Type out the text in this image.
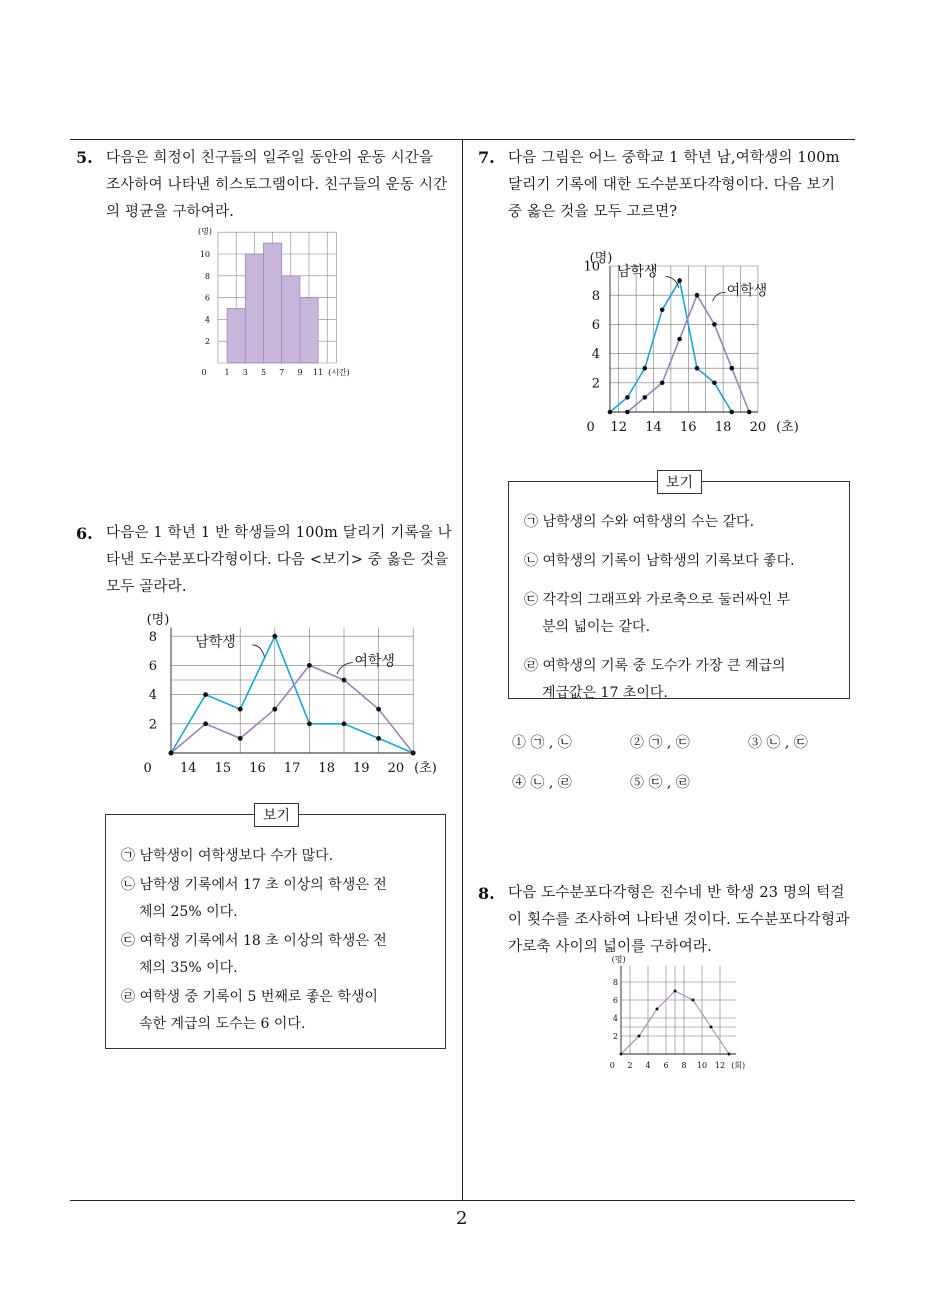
5. 다음은 희정이 친구들의 일주일 동안의 운동 시간을
조사하여 나타낸 히스토그램이다. 친구들의 운동 시간
의 평균을 구하여라.
2
4
6
8
10
1 3 5 7 9 11
0
(명)
(시간)
6. 다음은 1 학년 1 반 학생들의 100m 달리기 기록을 나
타낸 도수분포다각형이다. 다음 <보기> 중 옳은 것을
모두 골라라.
2
4
6
8
14 15 16 17 18 19 20
0
(명)
(초)
남학생
여학생
보기
㉠ 남학생이 여학생보다 수가 많다.
㉡ 남학생 기록에서 17 초 이상의 학생은 전
체의 25% 이다.
㉢ 여학생 기록에서 18 초 이상의 학생은 전
체의 35% 이다.
㉣ 여학생 중 기록이 5 번째로 좋은 학생이
속한 계급의 도수는 6 이다.
7. 다음 그림은 어느 중학교 1 학년 남,여학생의 100m
달리기 기록에 대한 도수분포다각형이다. 다음 보기
중 옳은 것을 모두 고르면?
2
4
6
8
10
12 14 16 18 20
0
(명)
(초)
남학생
여학생
보기
㉠ 남학생의 수와 여학생의 수는 같다.
㉡ 여학생의 기록이 남학생의 기록보다 좋다.
㉢ 각각의 그래프와 가로축으로 둘러싸인 부
분의 넓이는 같다.
㉣ 여학생의 기록 중 도수가 가장 큰 계급의
계급값은 17 초이다.
① ㉠ , ㉡	② ㉠ , ㉢	③ ㉡ , ㉢
④ ㉡ , ㉣	⑤ ㉢ , ㉣
8. 다음 도수분포다각형은 진수네 반 학생 23 명의 턱걸
이 횟수를 조사하여 나타낸 것이다. 도수분포다각형과
가로축 사이의 넓이를 구하여라.
2
4
6
8
2 4 6 8 10 12
0
(명)
(회)
2
